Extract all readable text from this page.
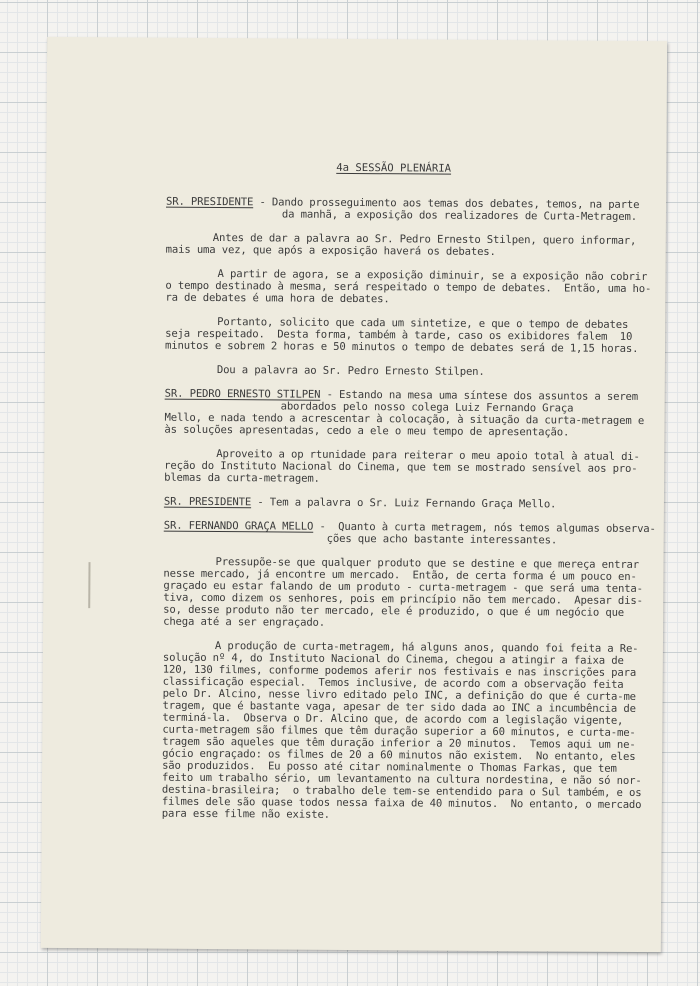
4a SESSÃO PLENÁRIA
SR. PRESIDENTE - Dando prosseguimento aos temas dos debates, temos, na parte
da manhã, a exposição dos realizadores de Curta-Metragem.
Antes de dar a palavra ao Sr. Pedro Ernesto Stilpen, quero informar,
mais uma vez, que após a exposição haverá os debates.
A partir de agora, se a exposição diminuir, se a exposição não cobrir
o tempo destinado à mesma, será respeitado o tempo de debates.  Então, uma ho-
ra de debates é uma hora de debates.
Portanto, solicito que cada um sintetize, e que o tempo de debates
seja respeitado.  Desta forma, também à tarde, caso os exibidores falem  10
minutos e sobrem 2 horas e 50 minutos o tempo de debates será de 1,15 horas.
Dou a palavra ao Sr. Pedro Ernesto Stilpen.
SR. PEDRO ERNESTO STILPEN - Estando na mesa uma síntese dos assuntos a serem
abordados pelo nosso colega Luiz Fernando Graça
Mello, e nada tendo a acrescentar à colocação, à situação da curta-metragem e
às soluções apresentadas, cedo a ele o meu tempo de apresentação.
Aproveito a op rtunidade para reiterar o meu apoio total à atual di-
reção do Instituto Nacional do Cinema, que tem se mostrado sensível aos pro-
blemas da curta-metragem.
SR. PRESIDENTE - Tem a palavra o Sr. Luiz Fernando Graça Mello.
SR. FERNANDO GRAÇA MELLO -  Quanto à curta metragem, nós temos algumas observa-
ções que acho bastante interessantes.
Pressupõe-se que qualquer produto que se destine e que mereça entrar
nesse mercado, já encontre um mercado.  Então, de certa forma é um pouco en-
graçado eu estar falando de um produto - curta-metragem - que será uma tenta-
tiva, como dizem os senhores, pois em princípio não tem mercado.  Apesar dis-
so, desse produto não ter mercado, ele é produzido, o que é um negócio que
chega até a ser engraçado.
A produção de curta-metragem, há alguns anos, quando foi feita a Re-
solução nº 4, do Instituto Nacional do Cinema, chegou a atingir a faixa de
120, 130 filmes, conforme podemos aferir nos festivais e nas inscrições para
classificação especial.  Temos inclusive, de acordo com a observação feita
pelo Dr. Alcino, nesse livro editado pelo INC, a definição do que é curta-me
tragem, que é bastante vaga, apesar de ter sido dada ao INC a incumbência de
terminá-la.  Observa o Dr. Alcino que, de acordo com a legislação vigente,
curta-metragem são filmes que têm duração superior a 60 minutos, e curta-me-
tragem são aqueles que têm duração inferior a 20 minutos.  Temos aqui um ne-
gócio engraçado: os filmes de 20 a 60 minutos não existem.  No entanto, eles
são produzidos.  Eu posso até citar nominalmente o Thomas Farkas, que tem
feito um trabalho sério, um levantamento na cultura nordestina, e não só nor-
destina-brasileira;  o trabalho dele tem-se entendido para o Sul também, e os
filmes dele são quase todos nessa faixa de 40 minutos.  No entanto, o mercado
para esse filme não existe.
